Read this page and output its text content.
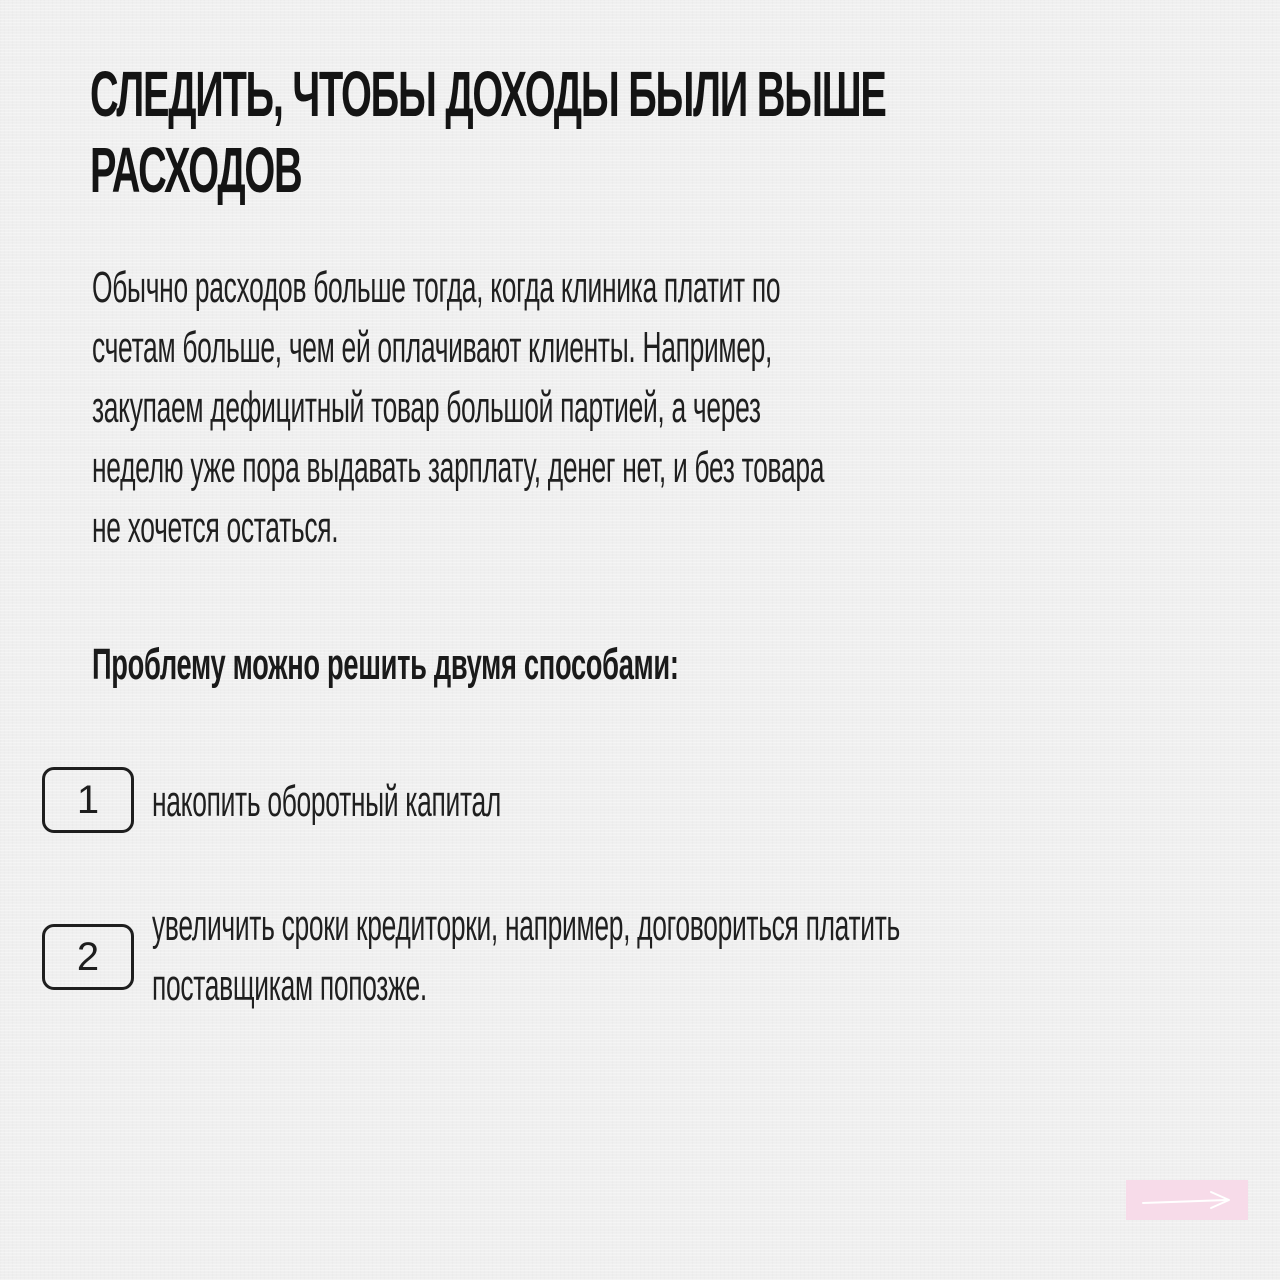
СЛЕДИТЬ, ЧТОБЫ ДОХОДЫ БЫЛИ ВЫШЕ
РАСХОДОВ
Обычно расходов больше тогда, когда клиника платит по
счетам больше, чем ей оплачивают клиенты. Например,
закупаем дефицитный товар большой партией, а через
неделю уже пора выдавать зарплату, денег нет, и без товара
не хочется остаться.
Проблему можно решить двумя способами:
1	накопить оборотный капитал
2
увеличить сроки кредиторки, например, договориться платить
поставщикам попозже.
